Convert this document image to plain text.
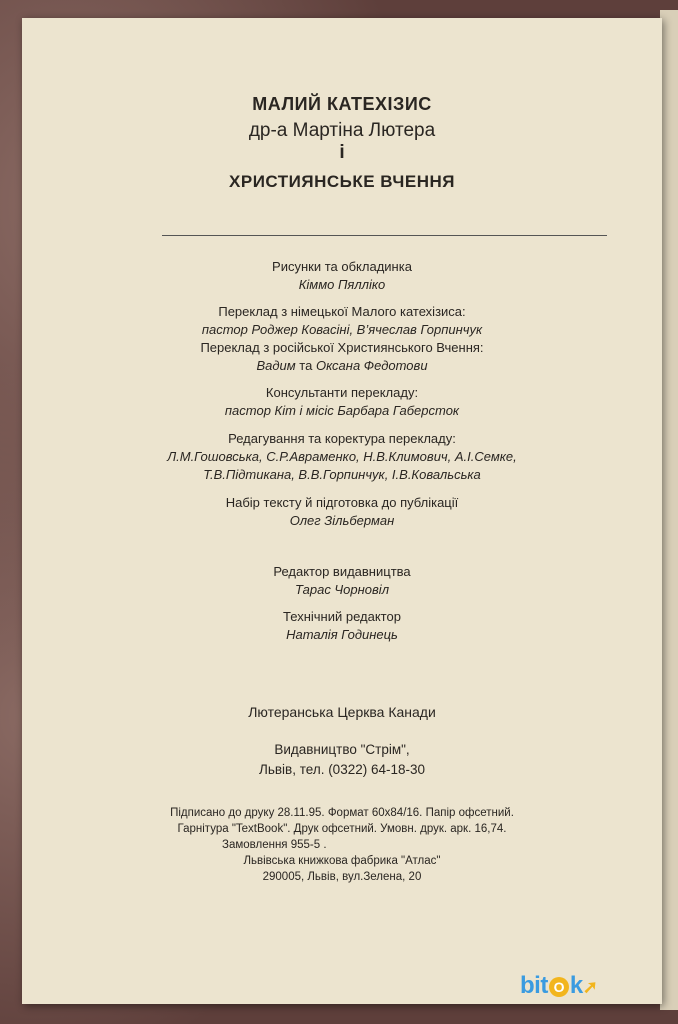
МАЛИЙ КАТЕХІЗИС
др-а Мартіна Лютера
і
ХРИСТИЯНСЬКЕ ВЧЕННЯ
Рисунки та обкладинка
Кіммо Пялліко
Переклад з німецької Малого катехізиса:
пастор Роджер Ковасіні, В’ячеслав Горпинчук
Переклад з російської Християнського Вчення:
Вадим та Оксана Федотови
Консультанти перекладу:
пастор Кіт і місіс Барбара Габерсток
Редагування та коректура перекладу:
Л.М.Гошовська, С.Р.Авраменко, Н.В.Климович, А.І.Семке,
Т.В.Підтикана, В.В.Горпинчук, І.В.Ковальська
Набір тексту й підготовка до публікації
Олег Зільберман
Редактор видавництва
Тарас Чорновіл
Технічний редактор
Наталія Годинець
Лютеранська Церква Канади
Видавництво "Стрім",
Львів, тел. (0322) 64-18-30
Підписано до друку 28.11.95. Формат 60x84/16. Папір офсетний.
Гарнітура "TextBook". Друк офсетний. Умовн. друк. арк. 16,74.
Замовлення 955-5 .
Львівська книжкова фабрика "Атлас"
290005, Львів, вул.Зелена, 20
bit O k➚
